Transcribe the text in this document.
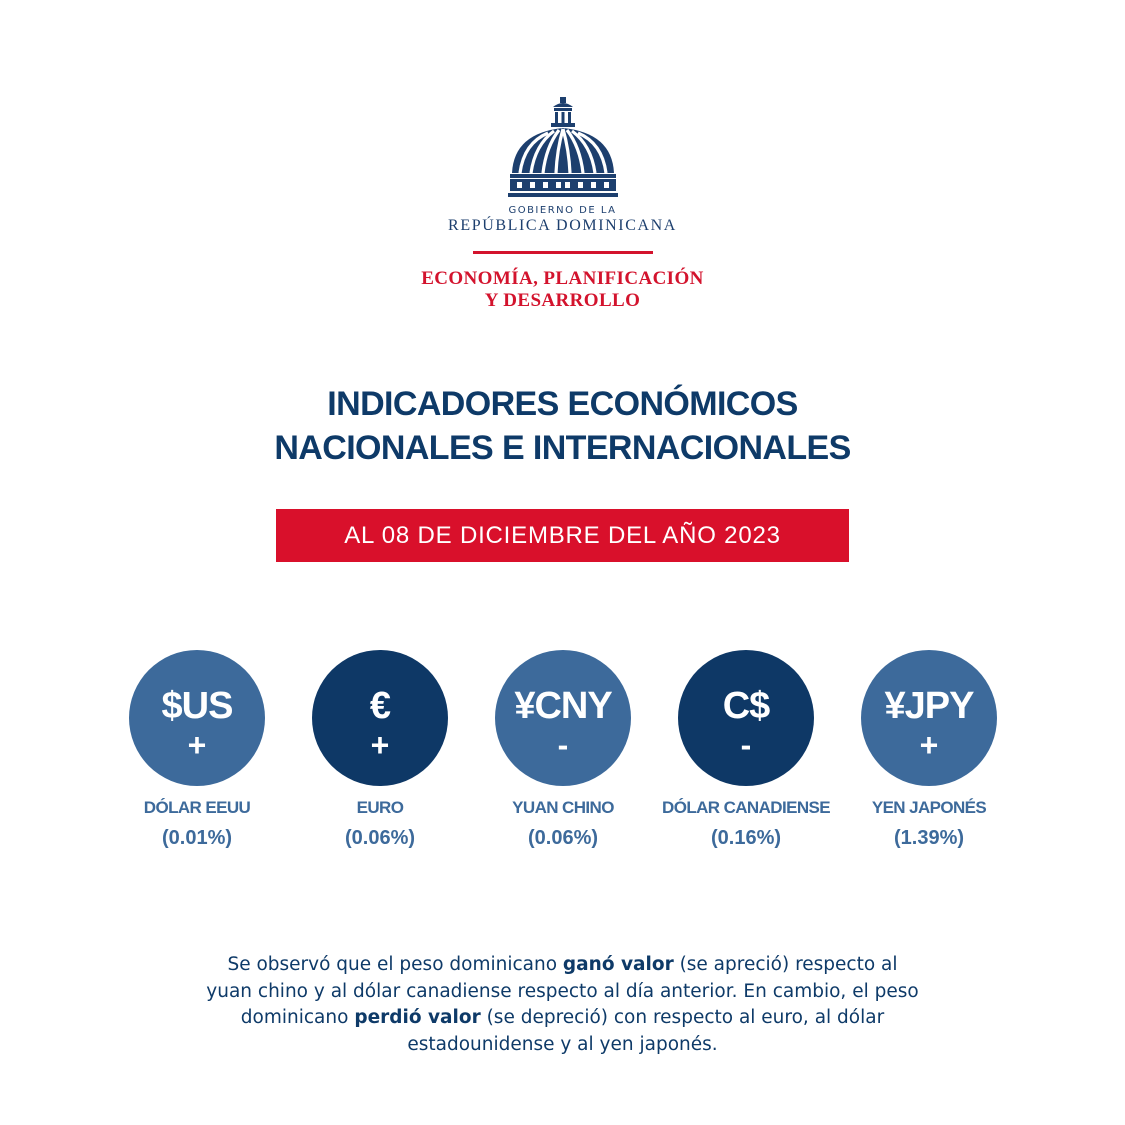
GOBIERNO DE LA
REPÚBLICA DOMINICANA
ECONOMÍA, PLANIFICACIÓN
Y DESARROLLO
INDICADORES ECONÓMICOS
NACIONALES E INTERNACIONALES
AL 08 DE DICIEMBRE DEL AÑO 2023
$US
+
DÓLAR EEUU
(0.01%)
€
+
EURO
(0.06%)
¥CNY
-
YUAN CHINO
(0.06%)
C$
-
DÓLAR CANADIENSE
(0.16%)
¥JPY
+
YEN JAPONÉS
(1.39%)
Se observó que el peso dominicano ganó valor (se apreció) respecto al yuan chino y al dólar canadiense respecto al día anterior. En cambio, el peso dominicano perdió valor (se depreció) con respecto al euro, al dólar estadounidense y al yen japonés.
